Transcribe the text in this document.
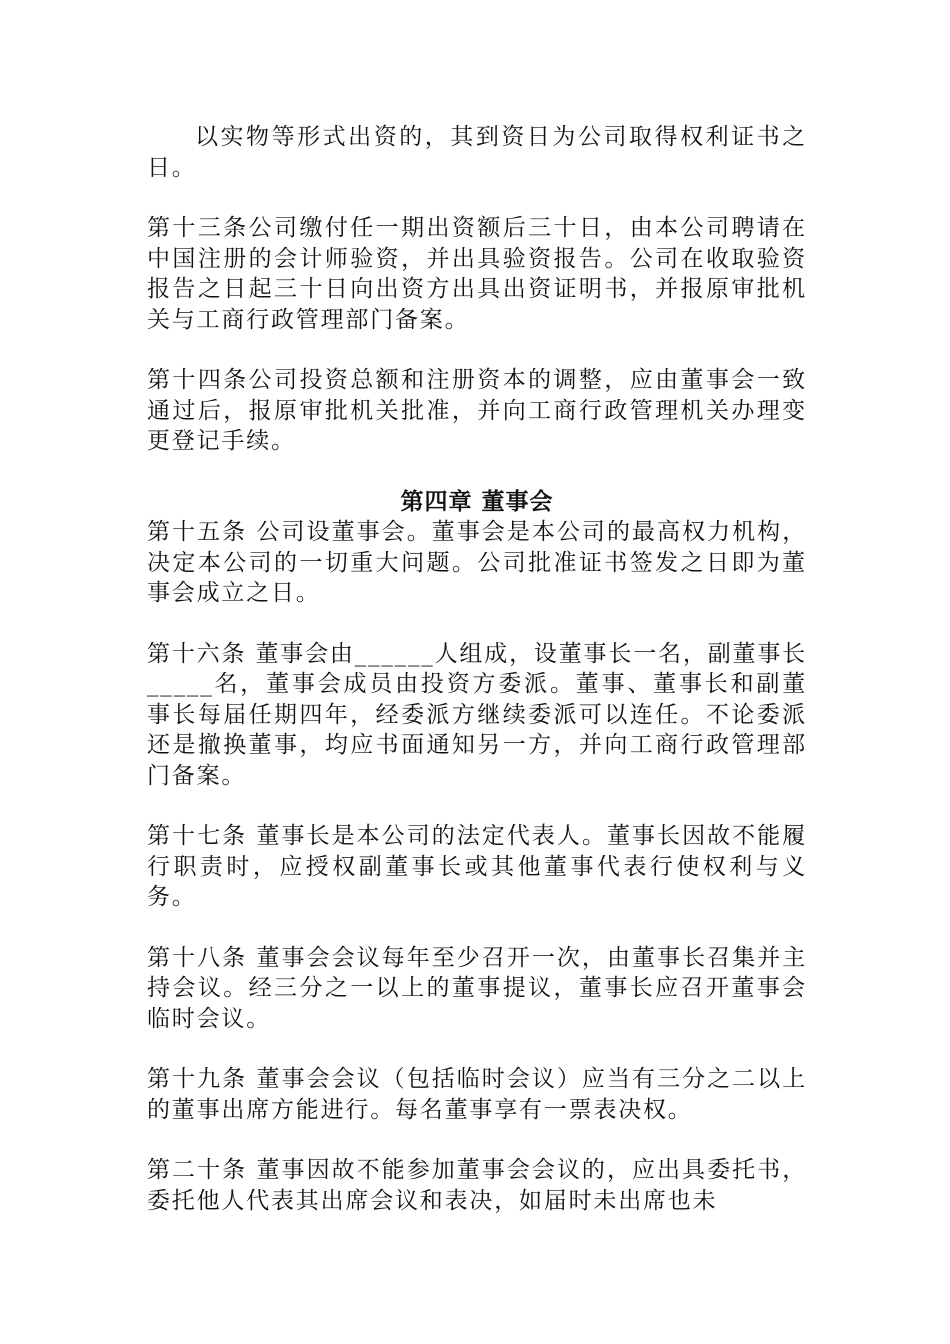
以实物等形式出资的，其到资日为公司取得权利证书之日。

第十三条公司缴付任一期出资额后三十日，由本公司聘请在中国注册的会计师验资，并出具验资报告。公司在收取验资报告之日起三十日向出资方出具出资证明书，并报原审批机关与工商行政管理部门备案。

第十四条公司投资总额和注册资本的调整，应由董事会一致通过后，报原审批机关批准，并向工商行政管理机关办理变更登记手续。

第四章 董事会

第十五条 公司设董事会。董事会是本公司的最高权力机构，决定本公司的一切重大问题。公司批准证书签发之日即为董事会成立之日。

第十六条 董事会由______人组成，设董事长一名，副董事长_____名，董事会成员由投资方委派。董事、董事长和副董事长每届任期四年，经委派方继续委派可以连任。不论委派还是撤换董事，均应书面通知另一方，并向工商行政管理部门备案。

第十七条 董事长是本公司的法定代表人。董事长因故不能履行职责时，应授权副董事长或其他董事代表行使权利与义务。

第十八条 董事会会议每年至少召开一次，由董事长召集并主持会议。经三分之一以上的董事提议，董事长应召开董事会临时会议。

第十九条 董事会会议（包括临时会议）应当有三分之二以上的董事出席方能进行。每名董事享有一票表决权。

第二十条 董事因故不能参加董事会会议的，应出具委托书，委托他人代表其出席会议和表决，如届时未出席也未
